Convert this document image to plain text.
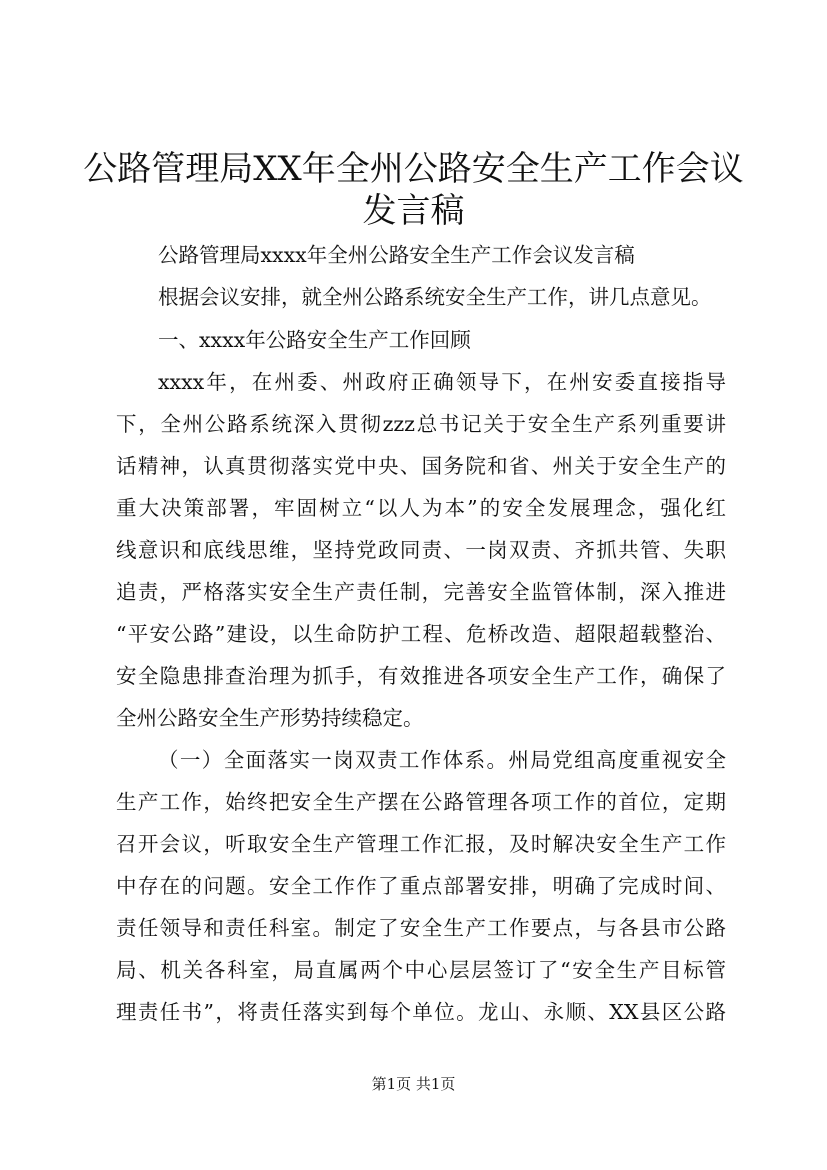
公路管理局XX年全州公路安全生产工作会议
发言稿
公路管理局xxxx年全州公路安全生产工作会议发言稿
根据会议安排，就全州公路系统安全生产工作，讲几点意见。
一、xxxx年公路安全生产工作回顾
xxxx年，在州委、州政府正确领导下，在州安委直接指导
下，全州公路系统深入贯彻zzz总书记关于安全生产系列重要讲
话精神，认真贯彻落实党中央、国务院和省、州关于安全生产的
重大决策部署，牢固树立“以人为本”的安全发展理念，强化红
线意识和底线思维，坚持党政同责、一岗双责、齐抓共管、失职
追责，严格落实安全生产责任制，完善安全监管体制，深入推进
“平安公路”建设，以生命防护工程、危桥改造、超限超载整治、
安全隐患排查治理为抓手，有效推进各项安全生产工作，确保了
全州公路安全生产形势持续稳定。
（一）全面落实一岗双责工作体系。州局党组高度重视安全
生产工作，始终把安全生产摆在公路管理各项工作的首位，定期
召开会议，听取安全生产管理工作汇报，及时解决安全生产工作
中存在的问题。安全工作作了重点部署安排，明确了完成时间、
责任领导和责任科室。制定了安全生产工作要点，与各县市公路
局、机关各科室，局直属两个中心层层签订了“安全生产目标管
理责任书”，将责任落实到每个单位。龙山、永顺、XX县区公路
第1页 共1页
